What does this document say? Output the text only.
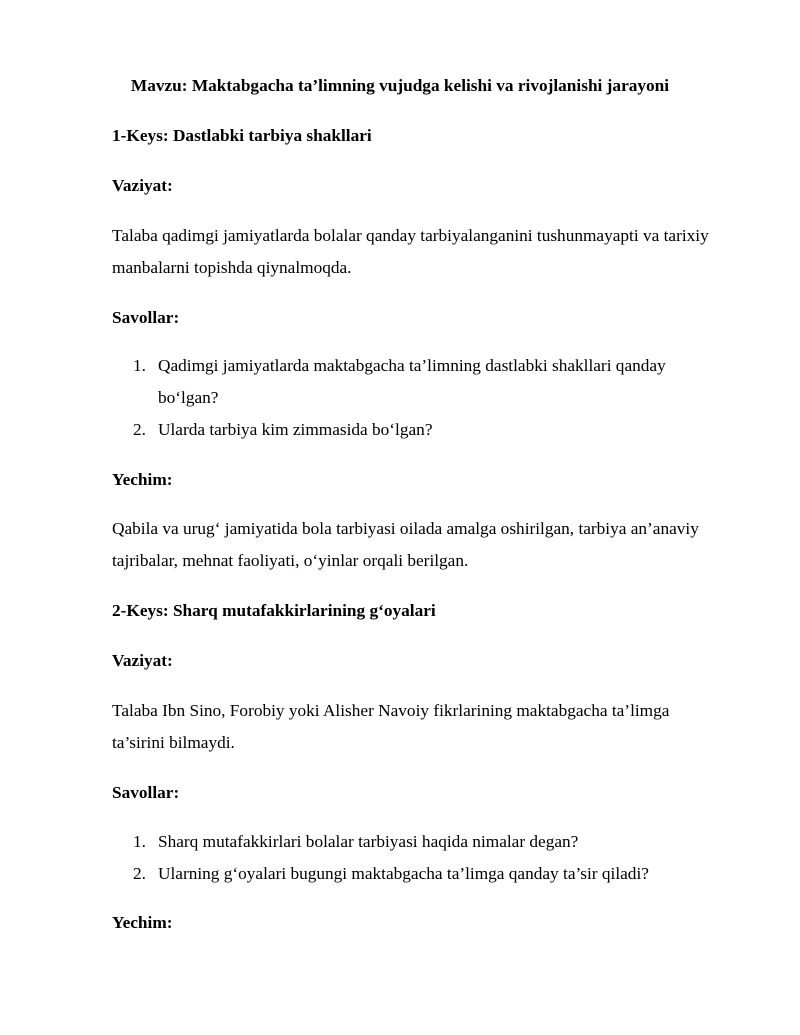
Mavzu: Maktabgacha ta’limning vujudga kelishi va rivojlanishi jarayoni

1-Keys: Dastlabki tarbiya shakllari

Vaziyat:

Talaba qadimgi jamiyatlarda bolalar qanday tarbiyalanganini tushunmayapti va tarixiy manbalarni topishda qiynalmoqda.

Savollar:

1. Qadimgi jamiyatlarda maktabgacha ta’limning dastlabki shakllari qanday bo‘lgan?
2. Ularda tarbiya kim zimmasida bo‘lgan?

Yechim:

Qabila va urug‘ jamiyatida bola tarbiyasi oilada amalga oshirilgan, tarbiya an’anaviy tajribalar, mehnat faoliyati, o‘yinlar orqali berilgan.

2-Keys: Sharq mutafakkirlarining g‘oyalari

Vaziyat:

Talaba Ibn Sino, Forobiy yoki Alisher Navoiy fikrlarining maktabgacha ta’limga ta’sirini bilmaydi.

Savollar:

1. Sharq mutafakkirlari bolalar tarbiyasi haqida nimalar degan?
2. Ularning g‘oyalari bugungi maktabgacha ta’limga qanday ta’sir qiladi?

Yechim:
